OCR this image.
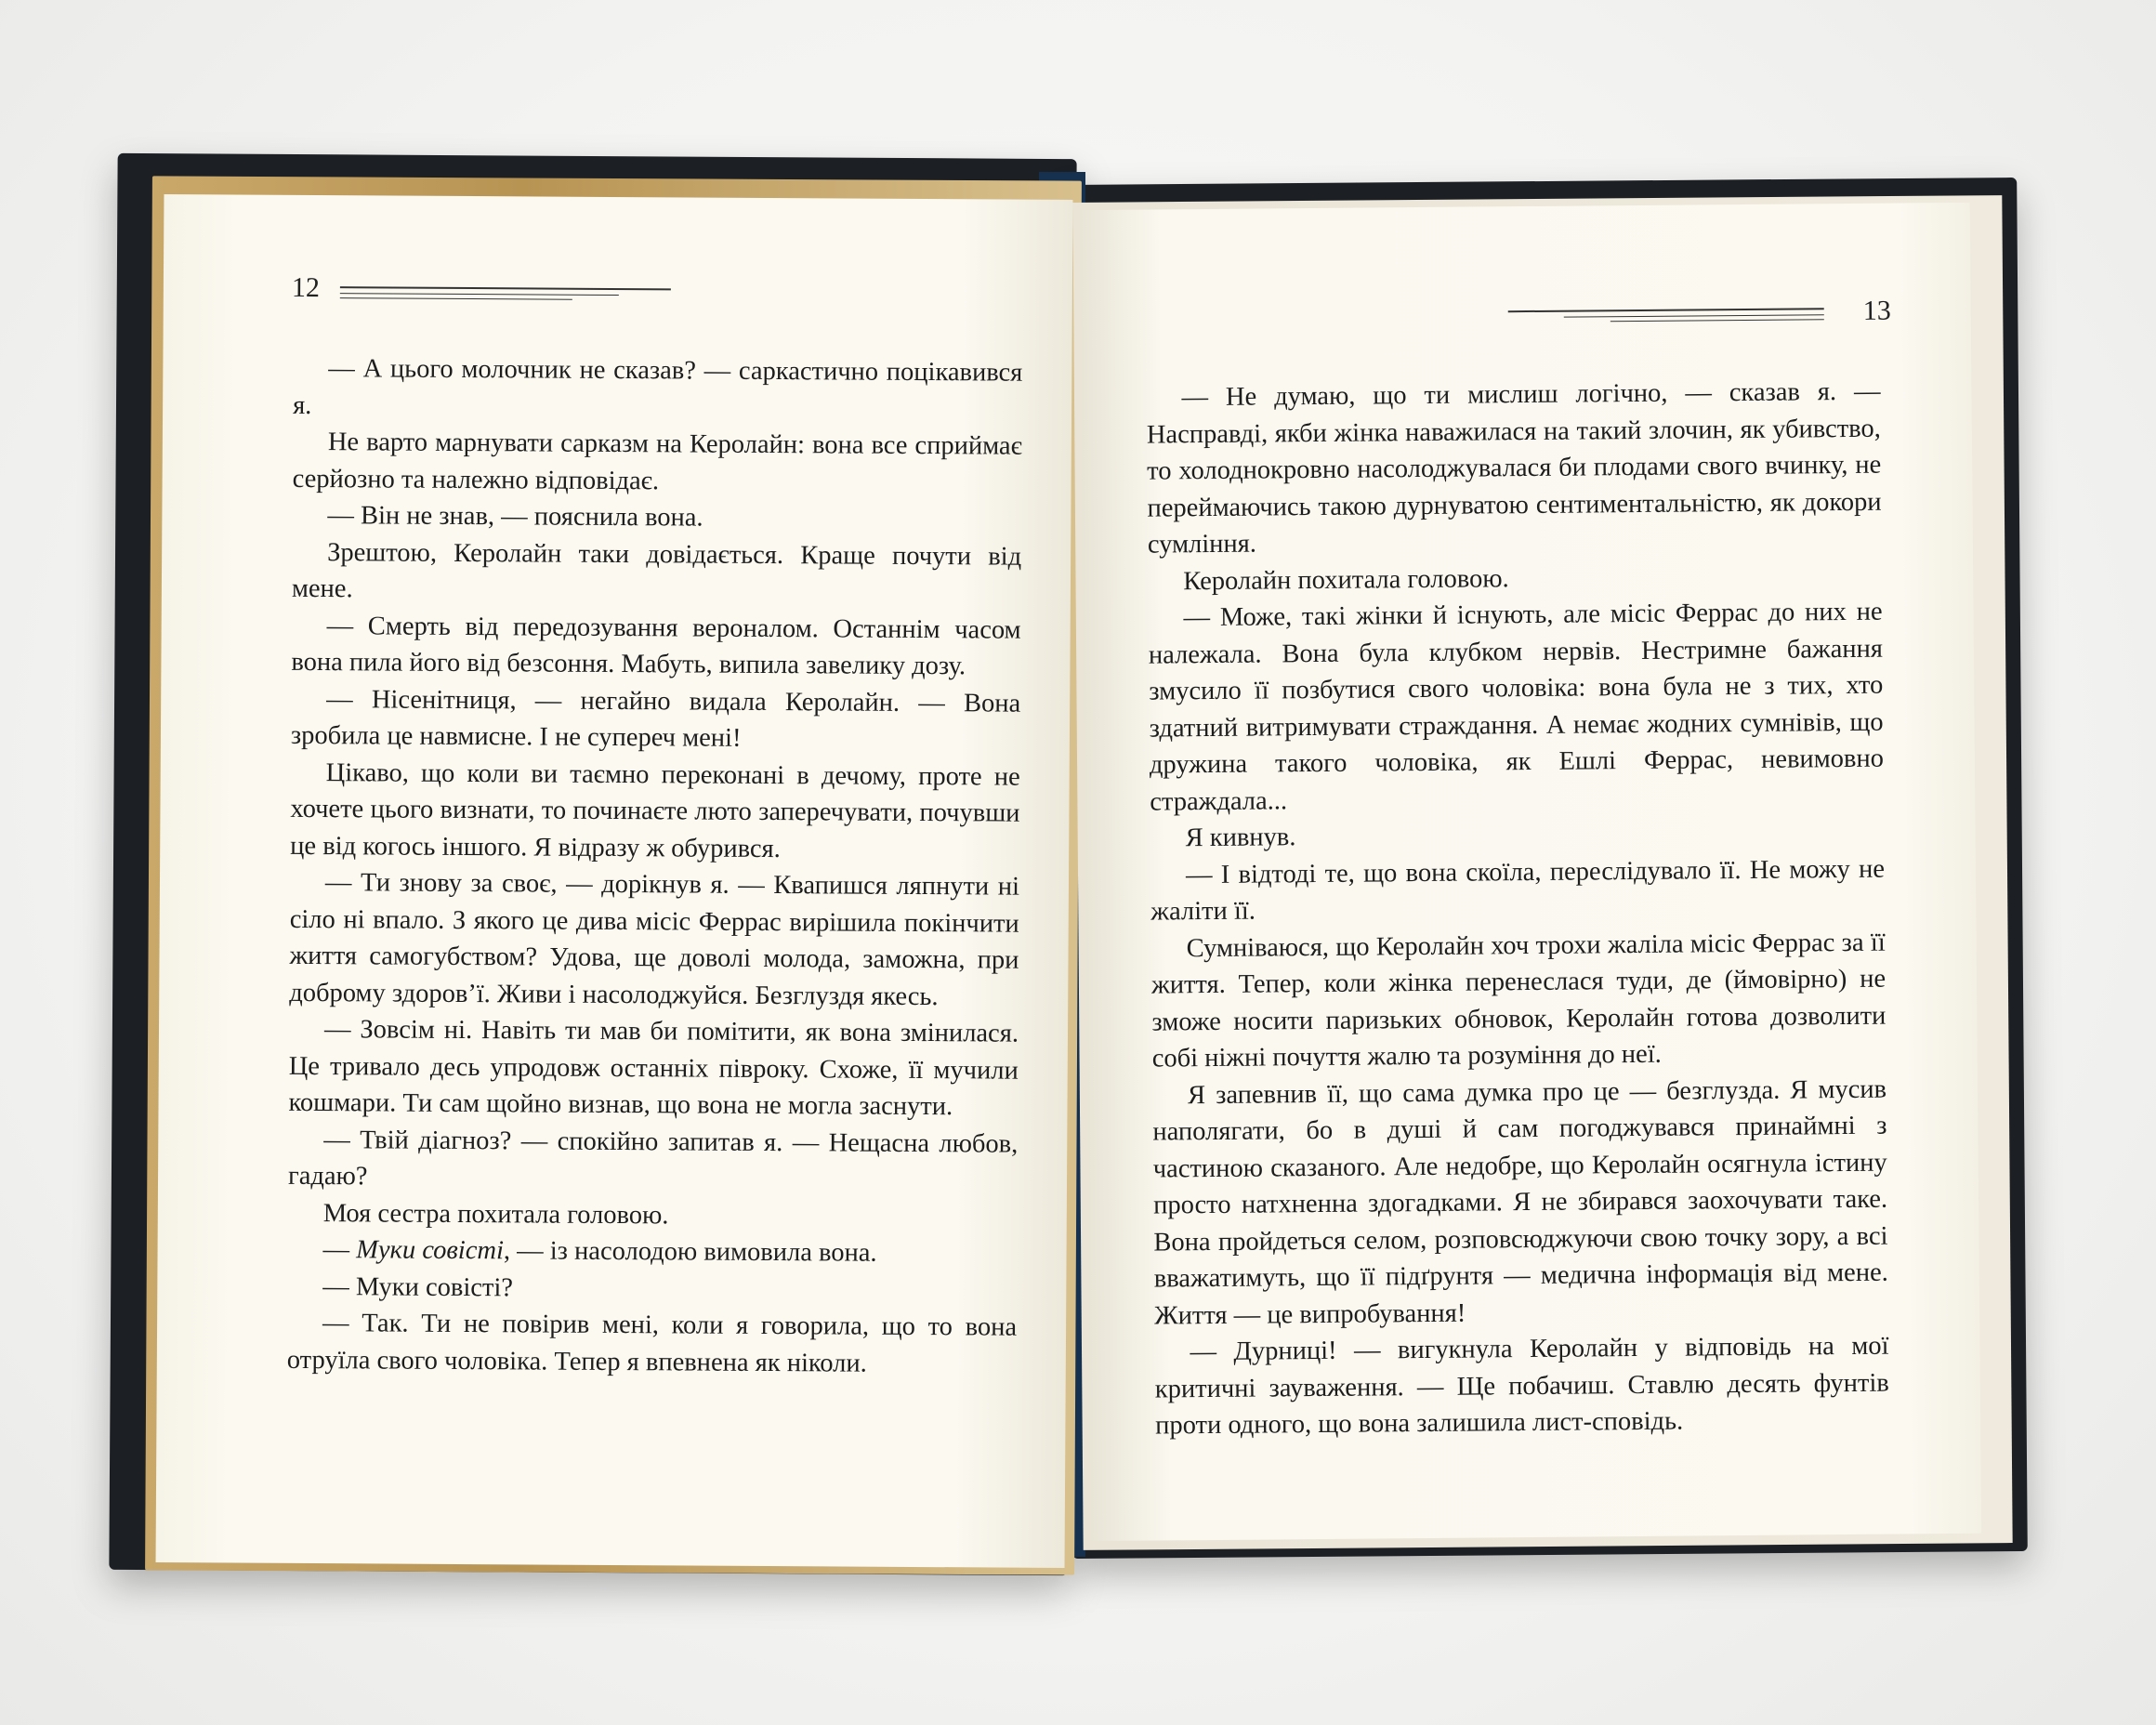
12

— А цього молочник не сказав? — саркастично поцікавився я.

Не варто марнувати сарказм на Керолайн: вона все сприймає серйозно та належно відповідає.

— Він не знав, — пояснила вона.

Зрештою, Керолайн таки довідається. Краще почути від мене.

— Смерть від передозування вероналом. Останнім часом вона пила його від безсоння. Мабуть, випила завелику дозу.

— Нісенітниця, — негайно видала Керолайн. — Вона зробила це навмисне. І не супереч мені!

Цікаво, що коли ви таємно переконані в дечому, проте не хочете цього визнати, то починаєте люто заперечувати, почувши це від когось іншого. Я відразу ж обурився.

— Ти знову за своє, — дорікнув я. — Квапишся ляпнути ні сіло ні впало. З якого це дива місіс Феррас вирішила покінчити життя самогубством? Удова, ще доволі молода, заможна, при доброму здоров’ї. Живи і насолоджуйся. Безглуздя якесь.

— Зовсім ні. Навіть ти мав би помітити, як вона змінилася. Це тривало десь упродовж останніх півроку. Схоже, її мучили кошмари. Ти сам щойно визнав, що вона не могла заснути.

— Твій діагноз? — спокійно запитав я. — Нещасна любов, гадаю?

Моя сестра похитала головою.

— Муки совісті, — із насолодою вимовила вона.

— Муки совісті?

— Так. Ти не повірив мені, коли я говорила, що то вона отруїла свого чоловіка. Тепер я впевнена як ніколи.

13

— Не думаю, що ти мислиш логічно, — сказав я. — Насправді, якби жінка наважилася на такий злочин, як убивство, то холоднокровно насолоджувалася би плодами свого вчинку, не переймаючись такою дурнуватою сентиментальністю, як докори сумління.

Керолайн похитала головою.

— Може, такі жінки й існують, але місіс Феррас до них не належала. Вона була клубком нервів. Нестримне бажання змусило її позбутися свого чоловіка: вона була не з тих, хто здатний витримувати страждання. А немає жодних сумнівів, що дружина такого чоловіка, як Ешлі Феррас, невимовно страждала...

Я кивнув.

— І відтоді те, що вона скоїла, переслідувало її. Не можу не жаліти її.

Сумніваюся, що Керолайн хоч трохи жаліла місіс Феррас за її життя. Тепер, коли жінка перенеслася туди, де (ймовірно) не зможе носити паризьких обновок, Керолайн готова дозволити собі ніжні почуття жалю та розуміння до неї.

Я запевнив її, що сама думка про це — безглузда. Я мусив наполягати, бо в душі й сам погоджувався принаймні з частиною сказаного. Але недобре, що Керолайн осягнула істину просто натхненна здогадками. Я не збирався заохочувати таке. Вона пройдеться селом, розповсюджуючи свою точку зору, а всі вважатимуть, що її підґрунтя — медична інформація від мене. Життя — це випробування!

— Дурниці! — вигукнула Керолайн у відповідь на мої критичні зауваження. — Ще побачиш. Ставлю десять фунтів проти одного, що вона залишила лист-сповідь.
